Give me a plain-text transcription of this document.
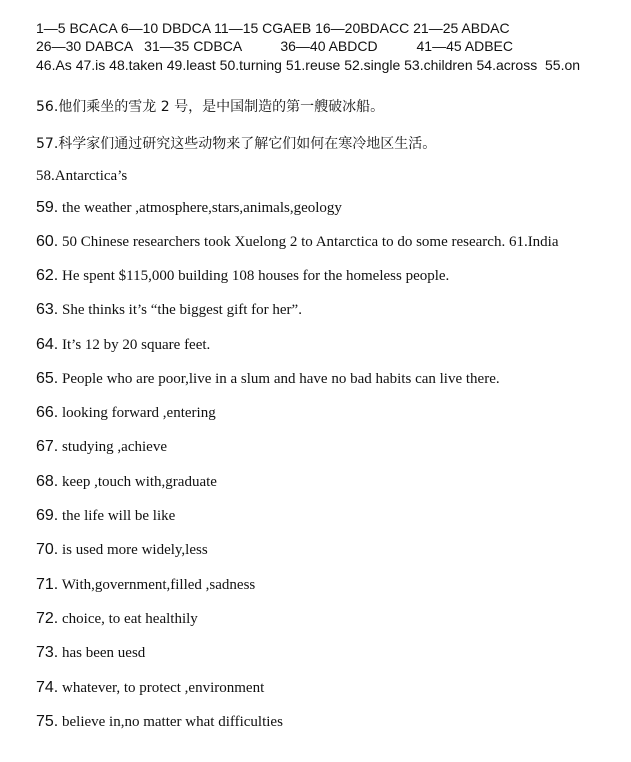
1—5 BCACA 6—10 DBDCA 11—15 CGAEB 16—20BDACC 21—25 ABDAC
26—30 DABCA   31—35 CDBCA          36—40 ABDCD          41—45 ADBEC
46.As 47.is 48.taken 49.least 50.turning 51.reuse 52.single 53.children 54.across  55.on
56.他们乘坐的雪龙 2 号，是中国制造的第一艘破冰船。
57.科学家们通过研究这些动物来了解它们如何在寒冷地区生活。
58.Antarctica’s
59. the weather ,atmosphere,stars,animals,geology
60. 50 Chinese researchers took Xuelong 2 to Antarctica to do some research. 61.India
62. He spent $115,000 building 108 houses for the homeless people.
63. She thinks it’s “the biggest gift for her”.
64. It’s 12 by 20 square feet.
65. People who are poor,live in a slum and have no bad habits can live there.
66. looking forward ,entering
67. studying ,achieve
68. keep ,touch with,graduate
69. the life will be like
70. is used more widely,less
71. With,government,filled ,sadness
72. choice, to eat healthily
73. has been uesd
74. whatever, to protect ,environment
75. believe in,no matter what difficulties
